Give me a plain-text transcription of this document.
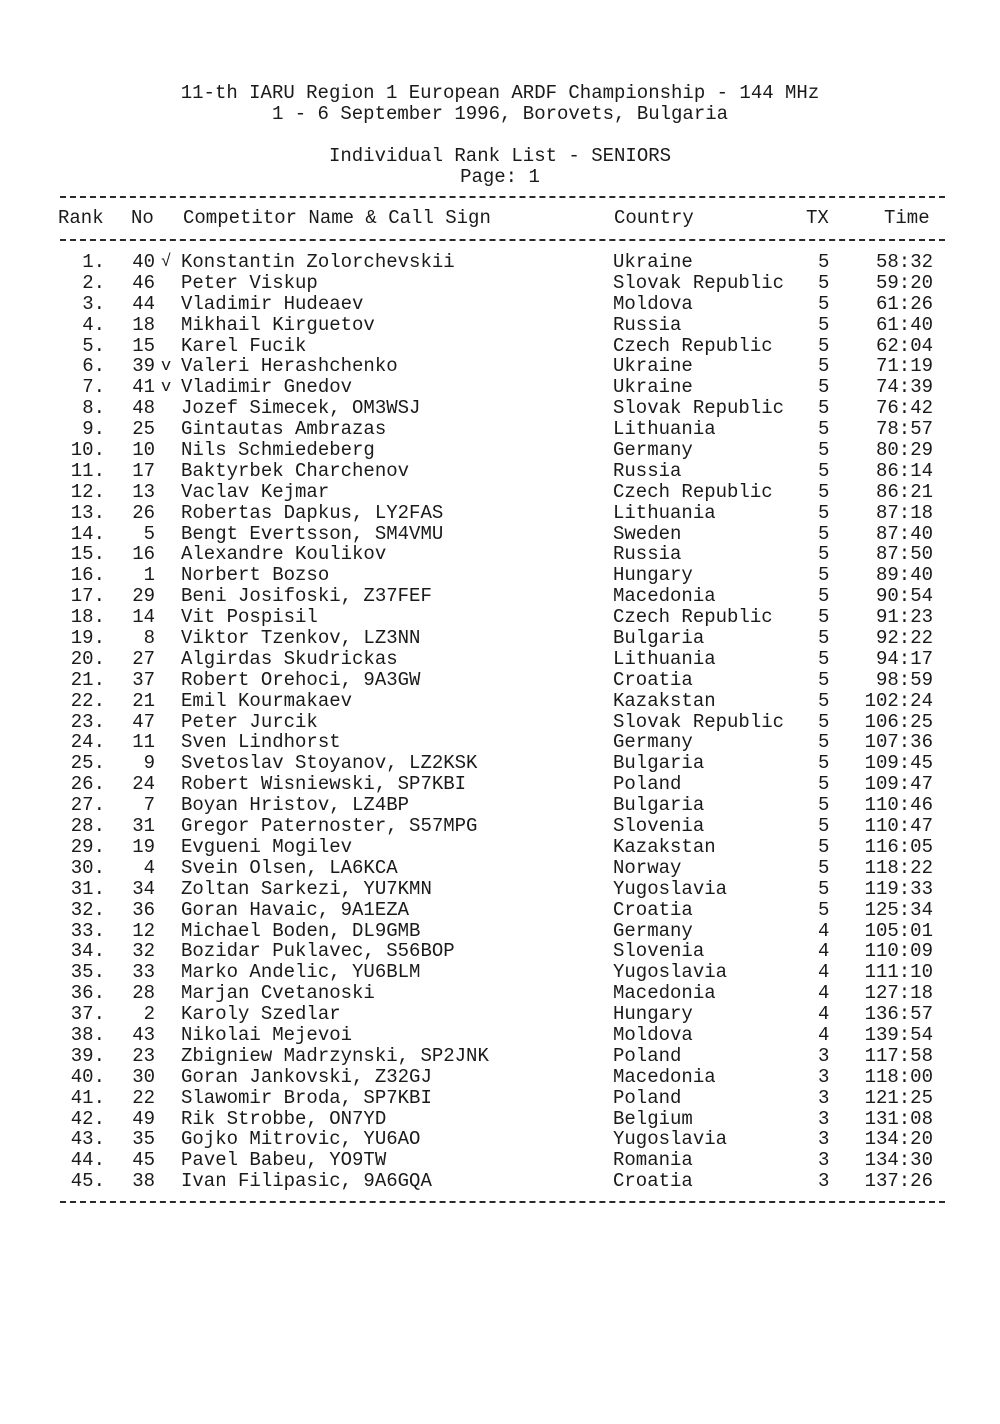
11-th IARU Region 1 European ARDF Championship - 144 MHz
1 - 6 September 1996, Borovets, Bulgaria
Individual Rank List - SENIORS
Page: 1
Rank No Competitor Name & Call Sign	Country	TX	Time
1.	40 √ Konstantin Zolorchevskii	Ukraine	5	58:32
2.	46 Peter Viskup	Slovak Republic 5	59:20
3.	44 Vladimir Hudeaev	Moldova	5	61:26
4.	18 Mikhail Kirguetov	Russia	5	61:40
5.	15 Karel Fucik	Czech Republic 5	62:04
6.	39 v Valeri Herashchenko	Ukraine	5	71:19
7.	41 v Vladimir Gnedov	Ukraine	5	74:39
8.	48 Jozef Simecek, OM3WSJ	Slovak Republic 5	76:42
9.	25 Gintautas Ambrazas	Lithuania	5	78:57
10.	10 Nils Schmiedeberg	Germany	5	80:29
11.	17 Baktyrbek Charchenov	Russia	5	86:14
12.	13 Vaclav Kejmar	Czech Republic 5	86:21
13.	26 Robertas Dapkus, LY2FAS	Lithuania	5	87:18
14.	5 Bengt Evertsson, SM4VMU	Sweden	5	87:40
15.	16 Alexandre Koulikov	Russia	5	87:50
16.	1 Norbert Bozso	Hungary	5	89:40
17.	29 Beni Josifoski, Z37FEF	Macedonia	5	90:54
18.	14 Vit Pospisil	Czech Republic 5	91:23
19.	8 Viktor Tzenkov, LZ3NN	Bulgaria	5	92:22
20.	27 Algirdas Skudrickas	Lithuania	5	94:17
21.	37 Robert Orehoci, 9A3GW	Croatia	5	98:59
22.	21 Emil Kourmakaev	Kazakstan	5	102:24
23.	47 Peter Jurcik	Slovak Republic 5	106:25
24.	11 Sven Lindhorst	Germany	5	107:36
25.	9 Svetoslav Stoyanov, LZ2KSK	Bulgaria	5	109:45
26.	24 Robert Wisniewski, SP7KBI	Poland	5	109:47
27.	7 Boyan Hristov, LZ4BP	Bulgaria	5	110:46
28.	31 Gregor Paternoster, S57MPG	Slovenia	5	110:47
29.	19 Evgueni Mogilev	Kazakstan	5	116:05
30.	4 Svein Olsen, LA6KCA	Norway	5	118:22
31.	34 Zoltan Sarkezi, YU7KMN	Yugoslavia	5	119:33
32.	36 Goran Havaic, 9A1EZA	Croatia	5	125:34
33.	12 Michael Boden, DL9GMB	Germany	4	105:01
34.	32 Bozidar Puklavec, S56BOP	Slovenia	4	110:09
35.	33 Marko Andelic, YU6BLM	Yugoslavia	4	111:10
36.	28 Marjan Cvetanoski	Macedonia	4	127:18
37.	2 Karoly Szedlar	Hungary	4	136:57
38.	43 Nikolai Mejevoi	Moldova	4	139:54
39.	23 Zbigniew Madrzynski, SP2JNK	Poland	3	117:58
40.	30 Goran Jankovski, Z32GJ	Macedonia	3	118:00
41.	22 Slawomir Broda, SP7KBI	Poland	3	121:25
42.	49 Rik Strobbe, ON7YD	Belgium	3	131:08
43.	35 Gojko Mitrovic, YU6AO	Yugoslavia	3	134:20
44.	45 Pavel Babeu, YO9TW	Romania	3	134:30
45.	38 Ivan Filipasic, 9A6GQA	Croatia	3	137:26
